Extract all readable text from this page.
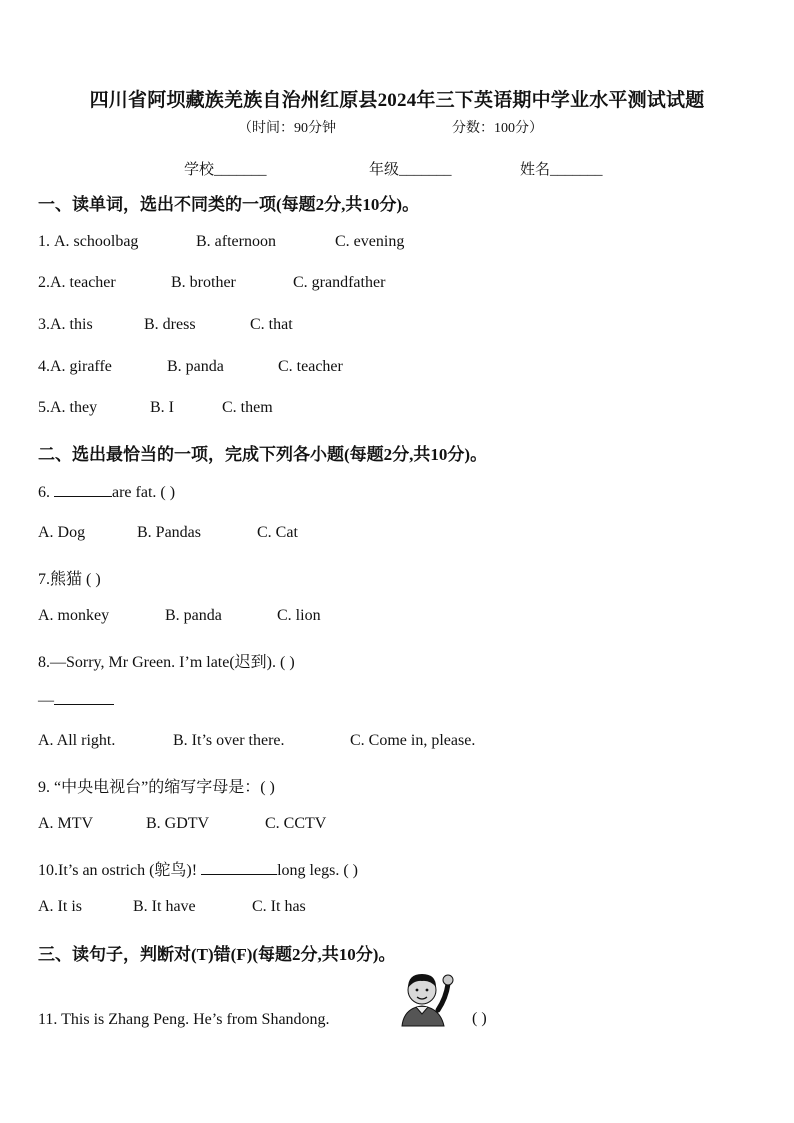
四川省阿坝藏族羌族自治州红原县2024年三下英语期中学业水平测试试题
（时间：90分钟	分数：100分）
学校_______	年级_______	姓名_______
一、读单词，选出不同类的一项(每题2分,共10分)。
1. A. schoolbag	B. afternoon	C. evening
2.A. teacher	B. brother	C. grandfather
3.A. this	B. dress	C. that
4.A. giraffe	B. panda	C. teacher
5.A. they	B. I	C. them
二、选出最恰当的一项，完成下列各小题(每题2分,共10分)。
6.	are fat. ( )
A. Dog	B. Pandas	C. Cat
7.熊猫 ( )
A. monkey	B. panda	C. lion
8.—Sorry, Mr Green. I’m late(迟到). ( )
—
A. All right.	B. It’s over there.	C. Come in, please.
9. “中央电视台”的缩写字母是：( )
A. MTV	B. GDTV	C. CCTV
10.It’s an ostrich (鸵鸟)!	long legs. ( )
A. It is	B. It have	C. It has
三、读句子，判断对(T)错(F)(每题2分,共10分)。
11. This is Zhang Peng. He’s from Shandong.	( )
